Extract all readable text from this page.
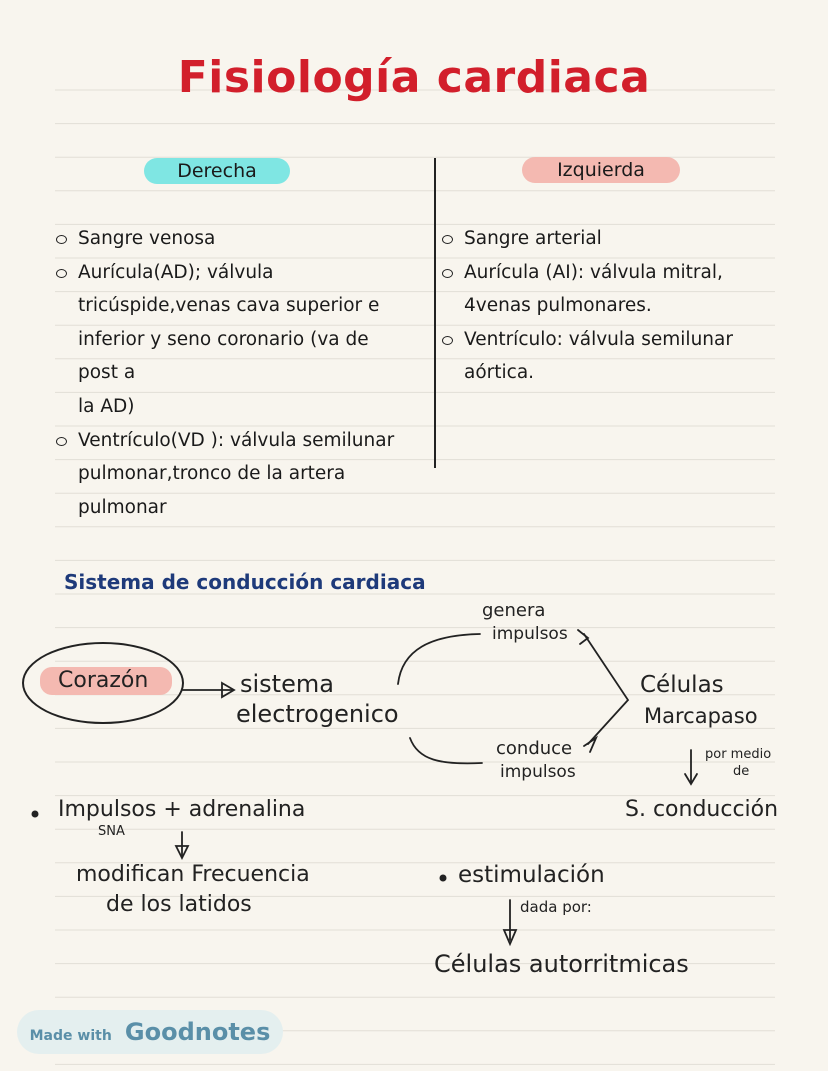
Fisiología cardiaca
Derecha	Izquierda

Sangre venosa

Aurícula(AD); válvula

tricúspide,venas cava superior e

inferior y seno coronario (va de post a

la AD)

Ventrículo(VD ): válvula semilunar

pulmonar,tronco de la artera

pulmonar

Sangre arterial

Aurícula (AI): válvula mitral,

4venas pulmonares.

Ventrículo: válvula semilunar

aórtica.

Sistema de conducción cardiaca
Corazón	sistema
electrogenico
genera
impulsos
conduce
impulsos
Células
Marcapaso
por medio
de
S. conducción
Impulsos + adrenalina
SNA
modifican Frecuencia
de los latidos
estimulación
dada por:
Células autorritmicas
Made with Goodnotes
